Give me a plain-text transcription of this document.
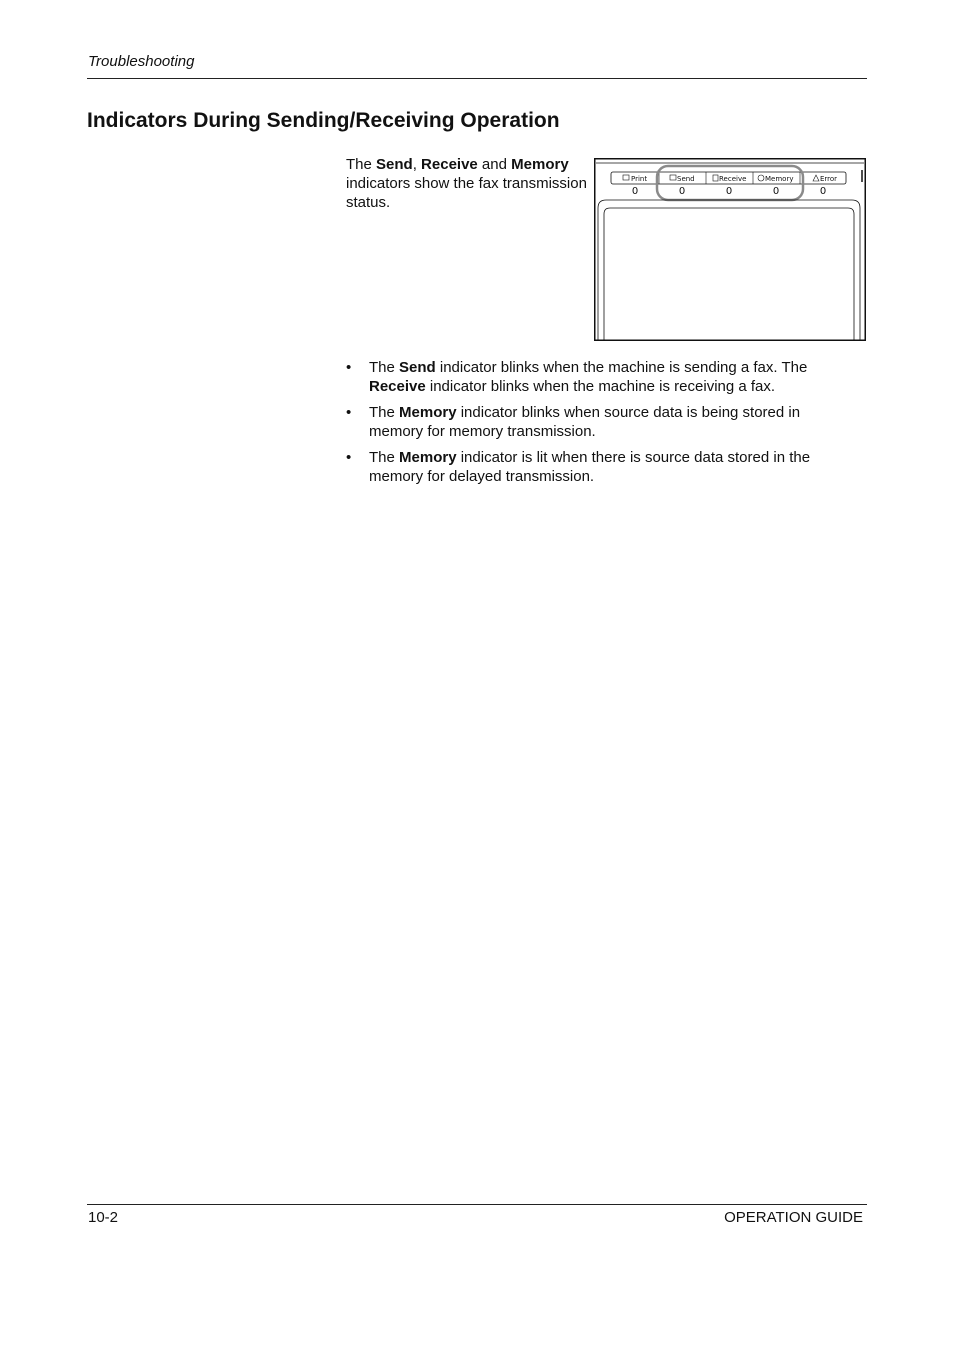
Troubleshooting
Indicators During Sending/Receiving Operation
The Send, Receive and Memory indicators show the fax transmission status.
Print
0
Send
0
Receive
0
Memory
0
Error
0
• The Send indicator blinks when the machine is sending a fax. The Receive indicator blinks when the machine is receiving a fax.
• The Memory indicator blinks when source data is being stored in memory for memory transmission.
• The Memory indicator is lit when there is source data stored in the memory for delayed transmission.
10-2	OPERATION GUIDE
